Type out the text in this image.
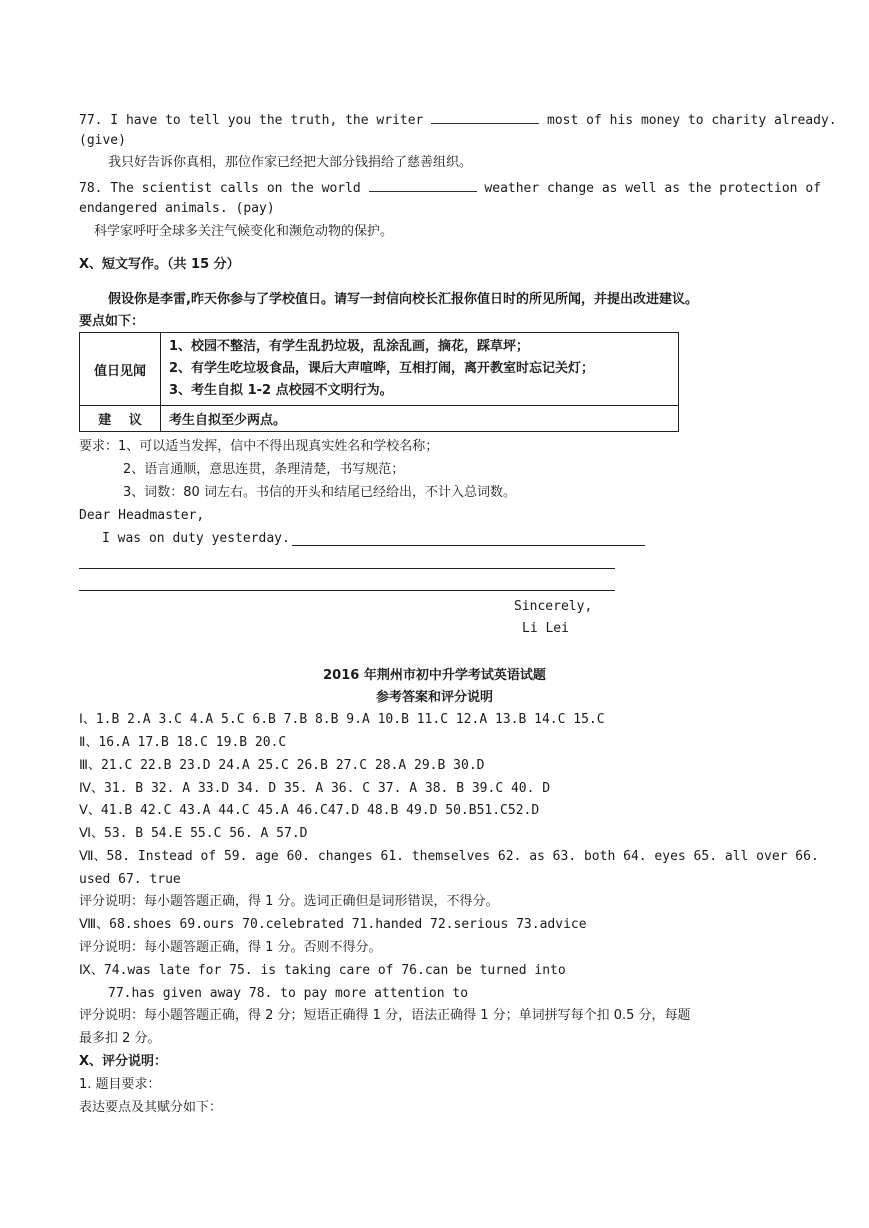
77. I have to tell you the truth, the writer	most of his money to charity already.
(give)
我只好告诉你真相，那位作家已经把大部分钱捐给了慈善组织。
78. The scientist calls on the world	weather change as well as the protection of
endangered animals. (pay)
科学家呼吁全球多关注气候变化和濒危动物的保护。
Ⅹ、短文写作。（共 15 分）
假设你是李雷,昨天你参与了学校值日。请写一封信向校长汇报你值日时的所见所闻，并提出改进建议。
要点如下：
值日见闻	1、校园不整洁，有学生乱扔垃圾，乱涂乱画，摘花，踩草坪；
2、有学生吃垃圾食品，课后大声喧哗，互相打闹，离开教室时忘记关灯；
3、考生自拟 1-2 点校园不文明行为。

建　 议	考生自拟至少两点。
要求：1、可以适当发挥，信中不得出现真实姓名和学校名称；
2、语言通顺，意思连贯，条理清楚，书写规范；
3、词数：80 词左右。书信的开头和结尾已经给出，不计入总词数。
Dear Headmaster,
I was on duty yesterday.
Sincerely,
Li Lei
2016 年荆州市初中升学考试英语试题
参考答案和评分说明
Ⅰ、1.B 2.A 3.C 4.A 5.C 6.B 7.B 8.B 9.A 10.B 11.C 12.A 13.B 14.C 15.C
Ⅱ、16.A 17.B 18.C 19.B 20.C
Ⅲ、21.C 22.B 23.D 24.A 25.C 26.B 27.C 28.A 29.B 30.D
Ⅳ、31. B 32. A 33.D 34. D 35. A 36. C 37. A 38. B 39.C 40. D
Ⅴ、41.B 42.C 43.A 44.C 45.A 46.C47.D 48.B 49.D 50.B51.C52.D
Ⅵ、53. B 54.E 55.C 56. A 57.D
Ⅶ、58. Instead of 59. age 60. changes 61. themselves 62. as 63. both 64. eyes 65. all over 66.
used 67. true
评分说明：每小题答题正确，得 1 分。选词正确但是词形错误，不得分。
Ⅷ、68.shoes 69.ours 70.celebrated 71.handed 72.serious 73.advice
评分说明：每小题答题正确，得 1 分。否则不得分。
Ⅸ、74.was late for 75. is taking care of 76.can be turned into
77.has given away 78. to pay more attention to
评分说明：每小题答题正确，得 2 分；短语正确得 1 分，语法正确得 1 分；单词拼写每个扣 0.5 分，每题
最多扣 2 分。
Ⅹ、评分说明：
1. 题目要求：
表达要点及其赋分如下：
